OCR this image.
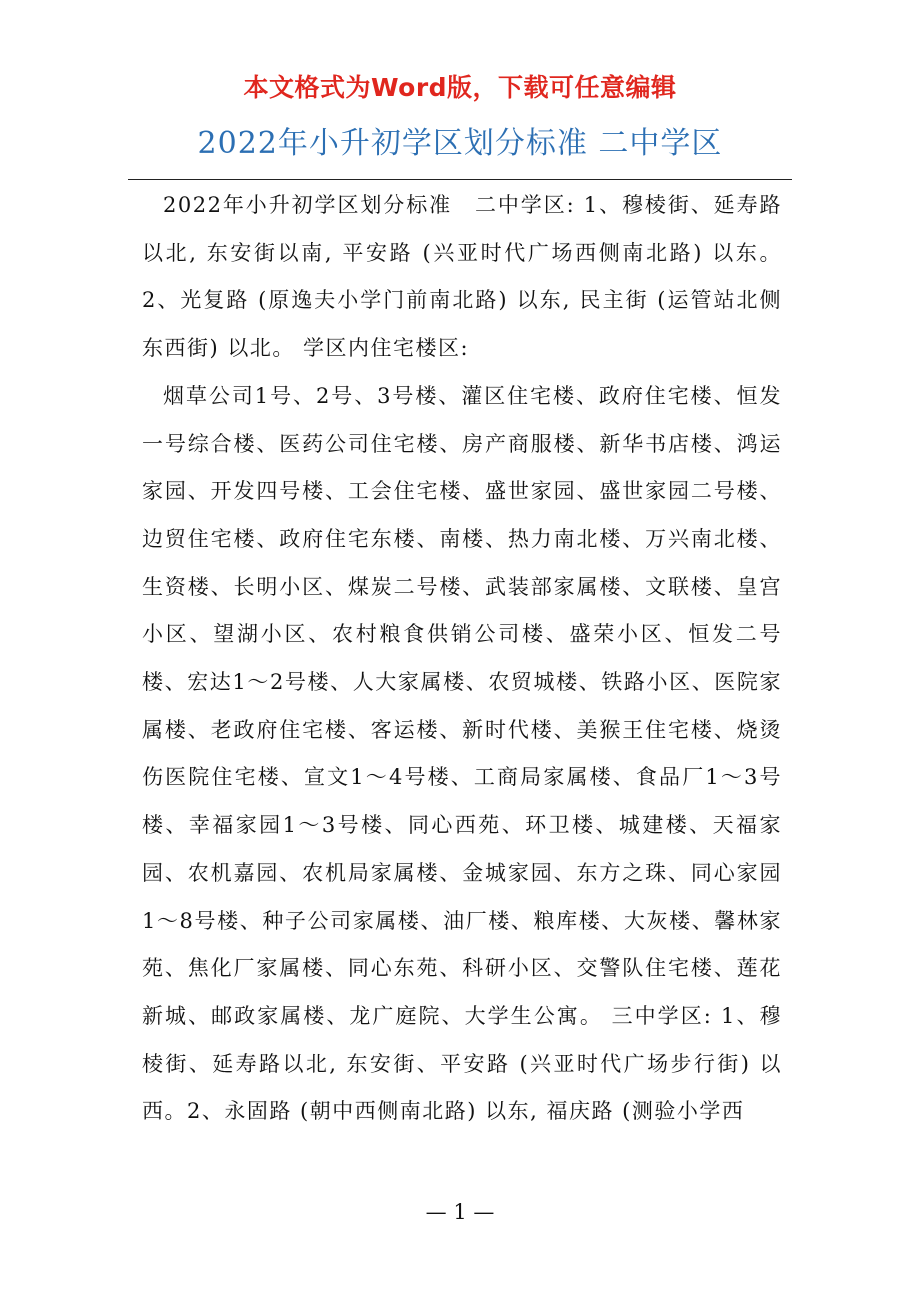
本文格式为Word版，下载可任意编辑
2022年小升初学区划分标准 二中学区

2022年小升初学区划分标准　二中学区: 1、穆棱街、延寿路以北, 东安街以南, 平安路 (兴亚时代广场西侧南北路) 以东。2、光复路 (原逸夫小学门前南北路) 以东, 民主街 (运管站北侧东西街) 以北。 学区内住宅楼区:

烟草公司1号、2号、3号楼、灌区住宅楼、政府住宅楼、恒发一号综合楼、医药公司住宅楼、房产商服楼、新华书店楼、鸿运家园、开发四号楼、工会住宅楼、盛世家园、盛世家园二号楼、边贸住宅楼、政府住宅东楼、南楼、热力南北楼、万兴南北楼、生资楼、长明小区、煤炭二号楼、武装部家属楼、文联楼、皇宫小区、望湖小区、农村粮食供销公司楼、盛荣小区、恒发二号楼、宏达1～2号楼、人大家属楼、农贸城楼、铁路小区、医院家属楼、老政府住宅楼、客运楼、新时代楼、美猴王住宅楼、烧烫伤医院住宅楼、宣文1～4号楼、工商局家属楼、食品厂1～3号楼、幸福家园1～3号楼、同心西苑、环卫楼、城建楼、天福家园、农机嘉园、农机局家属楼、金城家园、东方之珠、同心家园1～8号楼、种子公司家属楼、油厂楼、粮库楼、大灰楼、馨林家苑、焦化厂家属楼、同心东苑、科研小区、交警队住宅楼、莲花新城、邮政家属楼、龙广庭院、大学生公寓。 三中学区: 1、穆棱街、延寿路以北, 东安街、平安路 (兴亚时代广场步行街) 以西。2、永固路 (朝中西侧南北路) 以东, 福庆路 (测验小学西

— 1 —
